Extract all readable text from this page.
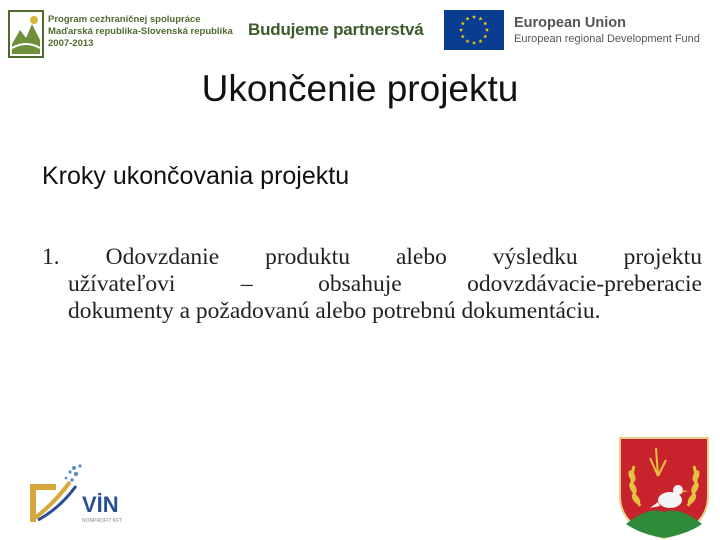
Program cezhraničnej spolupráce
Maďarská republika-Slovenská republika
2007-2013
Budujeme partnerstvá	European Union
European regional Development Fund
Ukončenie projektu
Kroky ukončovania projektu
1. Odovzdanie produktu alebo výsledku projektu
užívateľovi	–	obsahuje	odovzdávacie-preberacie
dokumenty a požadovanú alebo potrebnú dokumentáciu.
VİN
NONPROFIT KFT.
